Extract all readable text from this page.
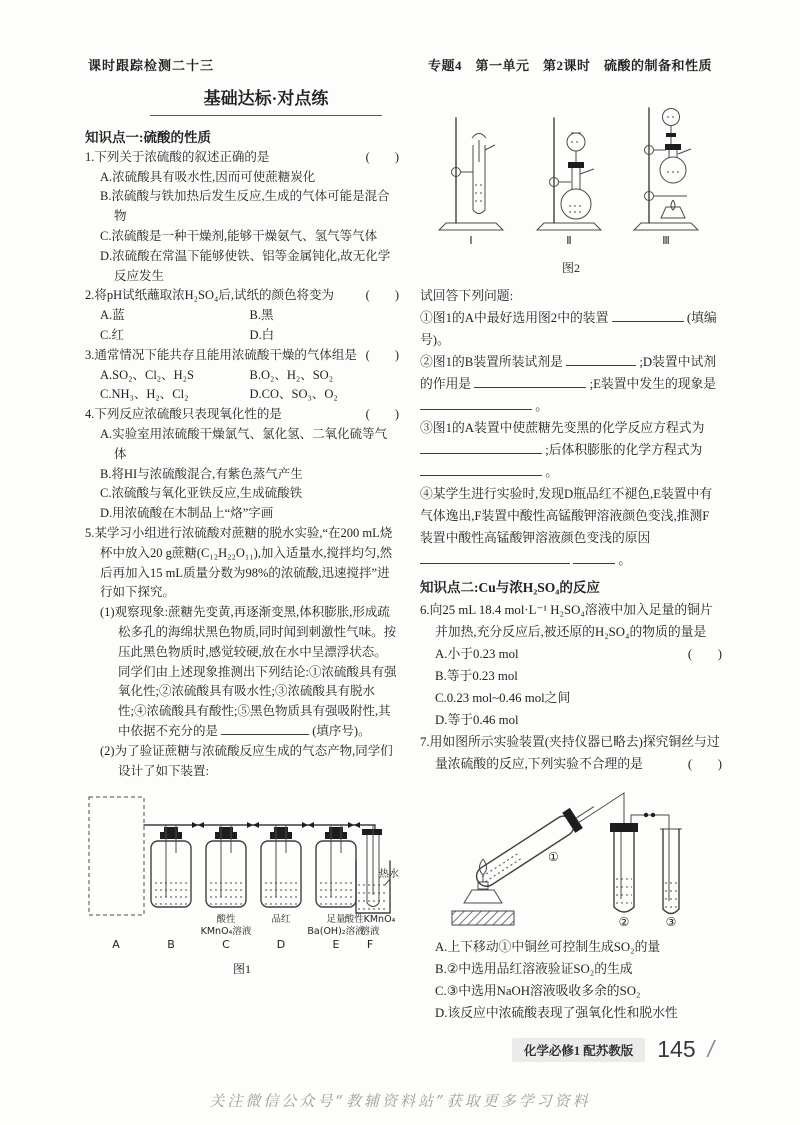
课时跟踪检测二十三	专题4　第一单元　第2课时　硫酸的制备和性质
基础达标·对点练

知识点一:硫酸的性质

1.下列关于浓硫酸的叙述正确的是	(　　)

A.浓硫酸具有吸水性,因而可使蔗糖炭化

B.浓硫酸与铁加热后发生反应,生成的气体可能是混合物

C.浓硫酸是一种干燥剂,能够干燥氨气、氢气等气体

D.浓硫酸在常温下能够使铁、铝等金属钝化,故无化学反应发生

2.将pH试纸蘸取浓H₂SO₄后,试纸的颜色将变为	(　　)

A.蓝	B.黑
C.红	D.白

3.通常情况下能共存且能用浓硫酸干燥的气体组是 (　　)

A.SO₂、Cl₂、H₂S	B.O₂、H₂、SO₂
C.NH₃、H₂、Cl₂	D.CO、SO₃、O₂

4.下列反应浓硫酸只表现氧化性的是	(　　)

A.实验室用浓硫酸干燥氯气、氯化氢、二氧化硫等气体

B.将HI与浓硫酸混合,有紫色蒸气产生

C.浓硫酸与氧化亚铁反应,生成硫酸铁

D.用浓硫酸在木制品上“烙”字画

5.某学习小组进行浓硫酸对蔗糖的脱水实验,“在200 mL烧杯中放入20 g蔗糖(C₁₂H₂₂O₁₁),加入适量水,搅拌均匀,然后再加入15 mL质量分数为98%的浓硫酸,迅速搅拌”进行如下探究。

(1)观察现象:蔗糖先变黄,再逐渐变黑,体积膨胀,形成疏松多孔的海绵状黑色物质,同时闻到刺激性气味。按压此黑色物质时,感觉较硬,放在水中呈漂浮状态。

同学们由上述现象推测出下列结论:①浓硫酸具有强氧化性;②浓硫酸具有吸水性;③浓硫酸具有脱水性;④浓硫酸具有酸性;⑤黑色物质具有强吸附性,其中依据不充分的是	(填序号)。

(2)为了验证蔗糖与浓硫酸反应生成的气态产物,同学们设计了如下装置:

热水
酸性
KMnO₄溶液
品红	足量
Ba(OH)₂溶液
酸性KMnO₄
溶液
A	B	C	D	E F
图1
Ⅰ	Ⅱ	Ⅲ
图2

试回答下列问题:

①图1的A中最好选用图2中的装置	(填编号)。

②图1的B装置所装试剂是	;D装置中试剂的作用是	;E装置中发生的现象是  。

③图1的A装置中使蔗糖先变黑的化学反应方程式为  ;后体积膨胀的化学方程式为  。

④某学生进行实验时,发现D瓶品红不褪色,E装置中有气体逸出,F装置中酸性高锰酸钾溶液颜色变浅,推测F装置中酸性高锰酸钾溶液颜色变浅的原因   。

知识点二:Cu与浓H₂SO₄的反应

6.向25 mL 18.4 mol·L⁻¹ H₂SO₄溶液中加入足量的铜片并加热,充分反应后,被还原的H₂SO₄的物质的量是
(　　)

A.小于0.23 mol

B.等于0.23 mol

C.0.23 mol~0.46 mol之间

D.等于0.46 mol

7.用如图所示实验装置(夹持仪器已略去)探究铜丝与过量浓硫酸的反应,下列实验不合理的是	(　　)

①
②	③

A.上下移动①中铜丝可控制生成SO₂的量

B.②中选用品红溶液验证SO₂的生成

C.③中选用NaOH溶液吸收多余的SO₂

D.该反应中浓硫酸表现了强氧化性和脱水性

化学必修1 配苏教版	145 /
关注微信公众号“教辅资料站”获取更多学习资料
